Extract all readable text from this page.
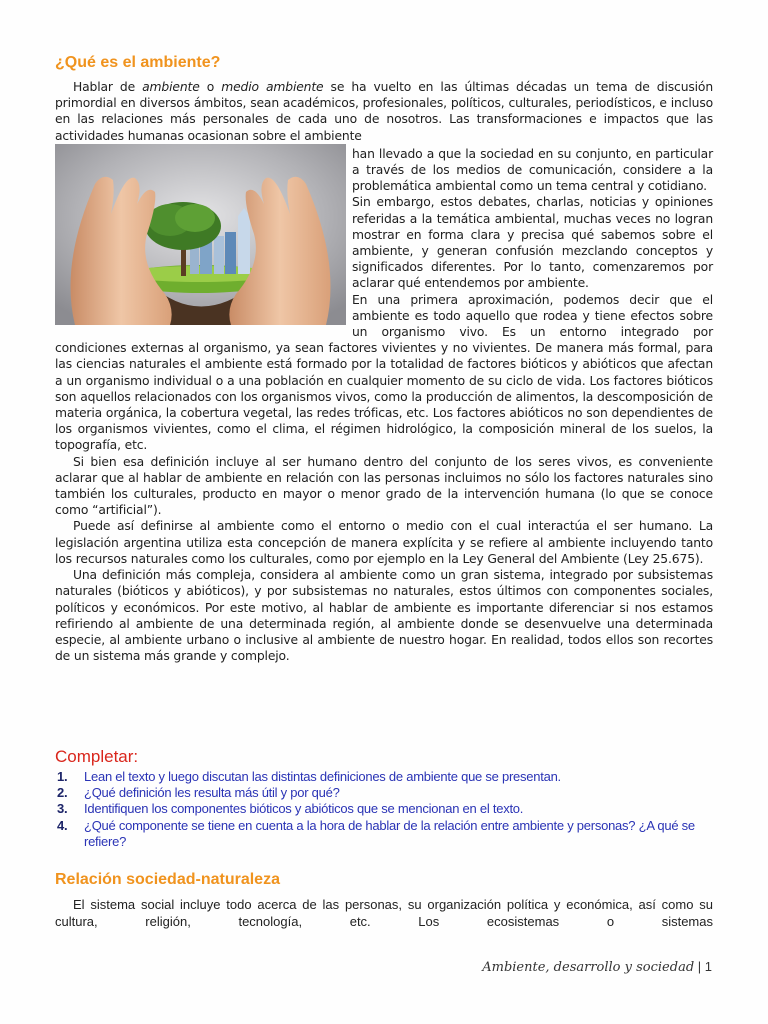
¿Qué es el ambiente?

Hablar de ambiente o medio ambiente se ha vuelto en las últimas décadas un tema de discusión primordial en diversos ámbitos, sean académicos, profesionales, políticos, culturales, periodísticos, e incluso en las relaciones más personales de cada uno de nosotros. Las transformaciones e impactos que las actividades humanas ocasionan sobre el ambiente

han llevado a que la sociedad en su conjunto, en particular a través de los medios de comunicación, considere a la problemática ambiental como un tema central y cotidiano.

Sin embargo, estos debates, charlas, noticias y opiniones referidas a la temática ambiental, muchas veces no logran mostrar en forma clara y precisa qué sabemos sobre el ambiente, y generan confusión mezclando conceptos y significados diferentes. Por lo tanto, comenzaremos por aclarar qué entendemos por ambiente.

En una primera aproximación, podemos decir que el ambiente es todo aquello que rodea y tiene efectos sobre un organismo vivo. Es un entorno integrado por condiciones externas al organismo, ya sean factores vivientes y no vivientes. De manera más formal, para las ciencias naturales el ambiente está formado por la totalidad de factores bióticos y abióticos que afectan a un organismo individual o a una población en cualquier momento de su ciclo de vida. Los factores bióticos son aquellos relacionados con los organismos vivos, como la producción de alimentos, la descomposición de materia orgánica, la cobertura vegetal, las redes tróficas, etc. Los factores abióticos no son dependientes de los organismos vivientes, como el clima, el régimen hidrológico, la composición mineral de los suelos, la topografía, etc.

Si bien esa definición incluye al ser humano dentro del conjunto de los seres vivos, es conveniente aclarar que al hablar de ambiente en relación con las personas incluimos no sólo los factores naturales sino también los culturales, producto en mayor o menor grado de la intervención humana (lo que se conoce como “artificial”).

Puede así definirse al ambiente como el entorno o medio con el cual interactúa el ser humano. La legislación argentina utiliza esta concepción de manera explícita y se refiere al ambiente incluyendo tanto los recursos naturales como los culturales, como por ejemplo en la Ley General del Ambiente (Ley 25.675).

Una definición más compleja, considera al ambiente como un gran sistema, integrado por subsistemas naturales (bióticos y abióticos), y por subsistemas no naturales, estos últimos con componentes sociales, políticos y económicos. Por este motivo, al hablar de ambiente es importante diferenciar si nos estamos refiriendo al ambiente de una determinada región, al ambiente donde se desenvuelve una determinada especie, al ambiente urbano o inclusive al ambiente de nuestro hogar. En realidad, todos ellos son recortes de un sistema más grande y complejo.

Completar:
1.	Lean el texto y luego discutan las distintas definiciones de ambiente que se presentan.
2.	¿Qué definición les resulta más útil y por qué?
3.	Identifiquen los componentes bióticos y abióticos que se mencionan en el texto.
4.	¿Qué componente se tiene en cuenta a la hora de hablar de la relación entre ambiente y personas? ¿A qué se refiere?
Relación sociedad-naturaleza

El sistema social incluye todo acerca de las personas, su organización política y económica, así como su cultura, religión, tecnología, etc. Los ecosistemas o sistemas

Ambiente, desarrollo y sociedad | 1
